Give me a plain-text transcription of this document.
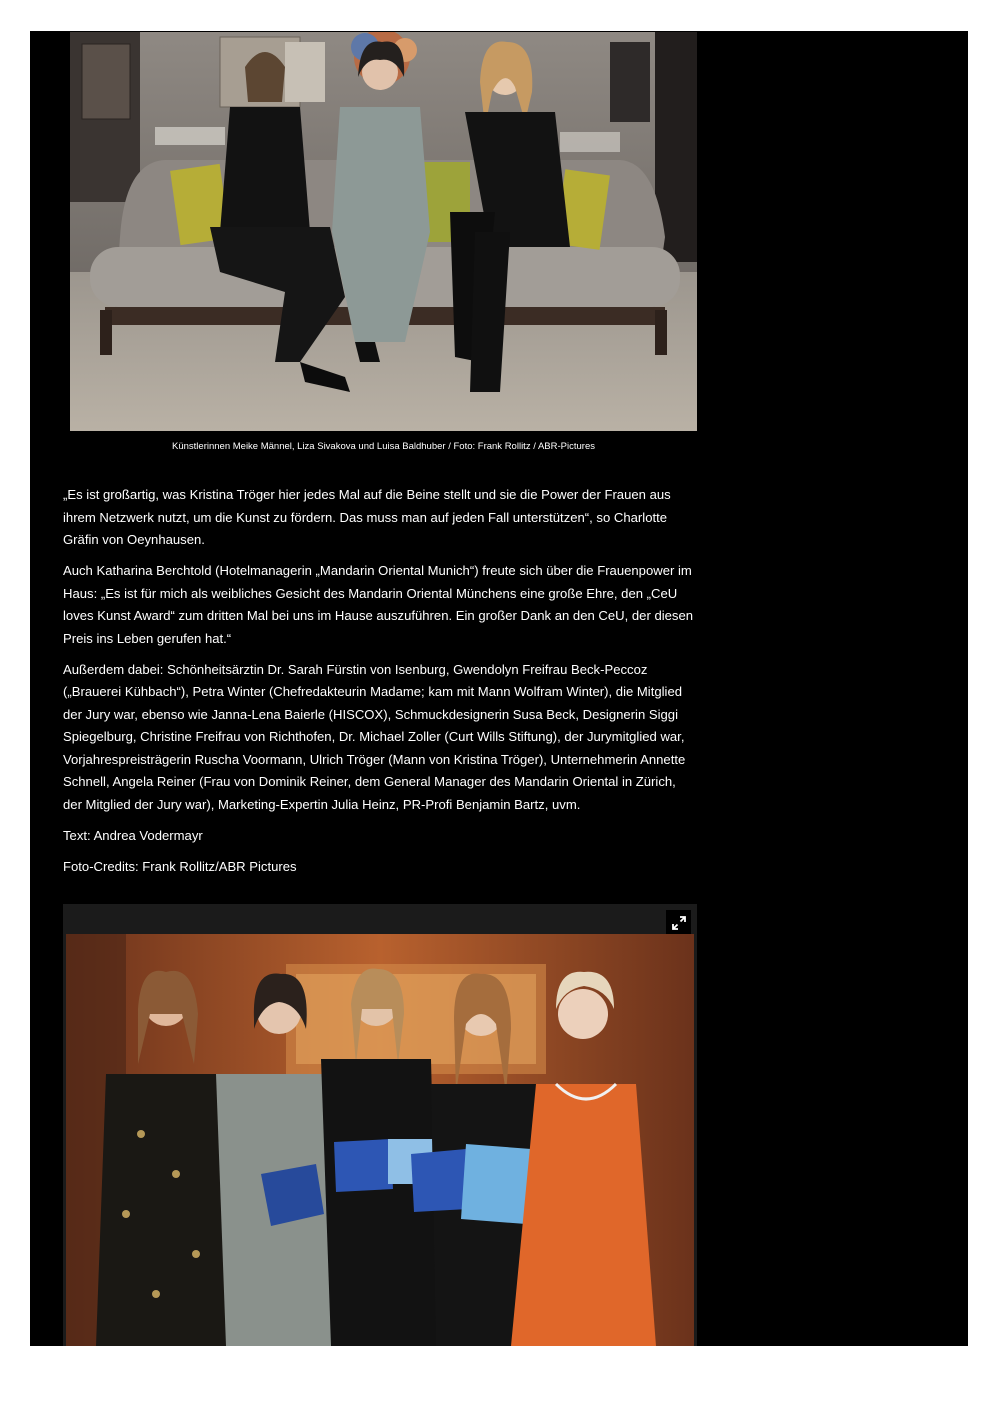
Künstlerinnen Meike Männel, Liza Sivakova und Luisa Baldhuber / Foto: Frank Rollitz / ABR-Pictures

„Es ist großartig, was Kristina Tröger hier jedes Mal auf die Beine stellt und sie die Power der Frauen aus ihrem Netzwerk nutzt, um die Kunst zu fördern. Das muss man auf jeden Fall unterstützen“, so Charlotte Gräfin von Oeynhausen.

Auch Katharina Berchtold (Hotelmanagerin „Mandarin Oriental Munich“) freute sich über die Frauenpower im Haus: „Es ist für mich als weibliches Gesicht des Mandarin Oriental Münchens eine große Ehre, den „CeU loves Kunst Award“ zum dritten Mal bei uns im Hause auszuführen. Ein großer Dank an den CeU, der diesen Preis ins Leben gerufen hat.“

Außerdem dabei: Schönheitsärztin Dr. Sarah Fürstin von Isenburg, Gwendolyn Freifrau Beck-Peccoz („Brauerei Kühbach“), Petra Winter (Chefredakteurin Madame; kam mit Mann Wolfram Winter), die Mitglied der Jury war, ebenso wie Janna-Lena Baierle (HISCOX), Schmuckdesignerin Susa Beck, Designerin Siggi Spiegelburg, Christine Freifrau von Richthofen, Dr. Michael Zoller (Curt Wills Stiftung), der Jurymitglied war, Vorjahrespreisträgerin Ruscha Voormann, Ulrich Tröger (Mann von Kristina Tröger), Unternehmerin Annette Schnell, Angela Reiner (Frau von Dominik Reiner, dem General Manager des Mandarin Oriental in Zürich, der Mitglied der Jury war), Marketing-Expertin Julia Heinz, PR-Profi Benjamin Bartz, uvm.

Text: Andrea Vodermayr

Foto-Credits: Frank Rollitz/ABR Pictures
